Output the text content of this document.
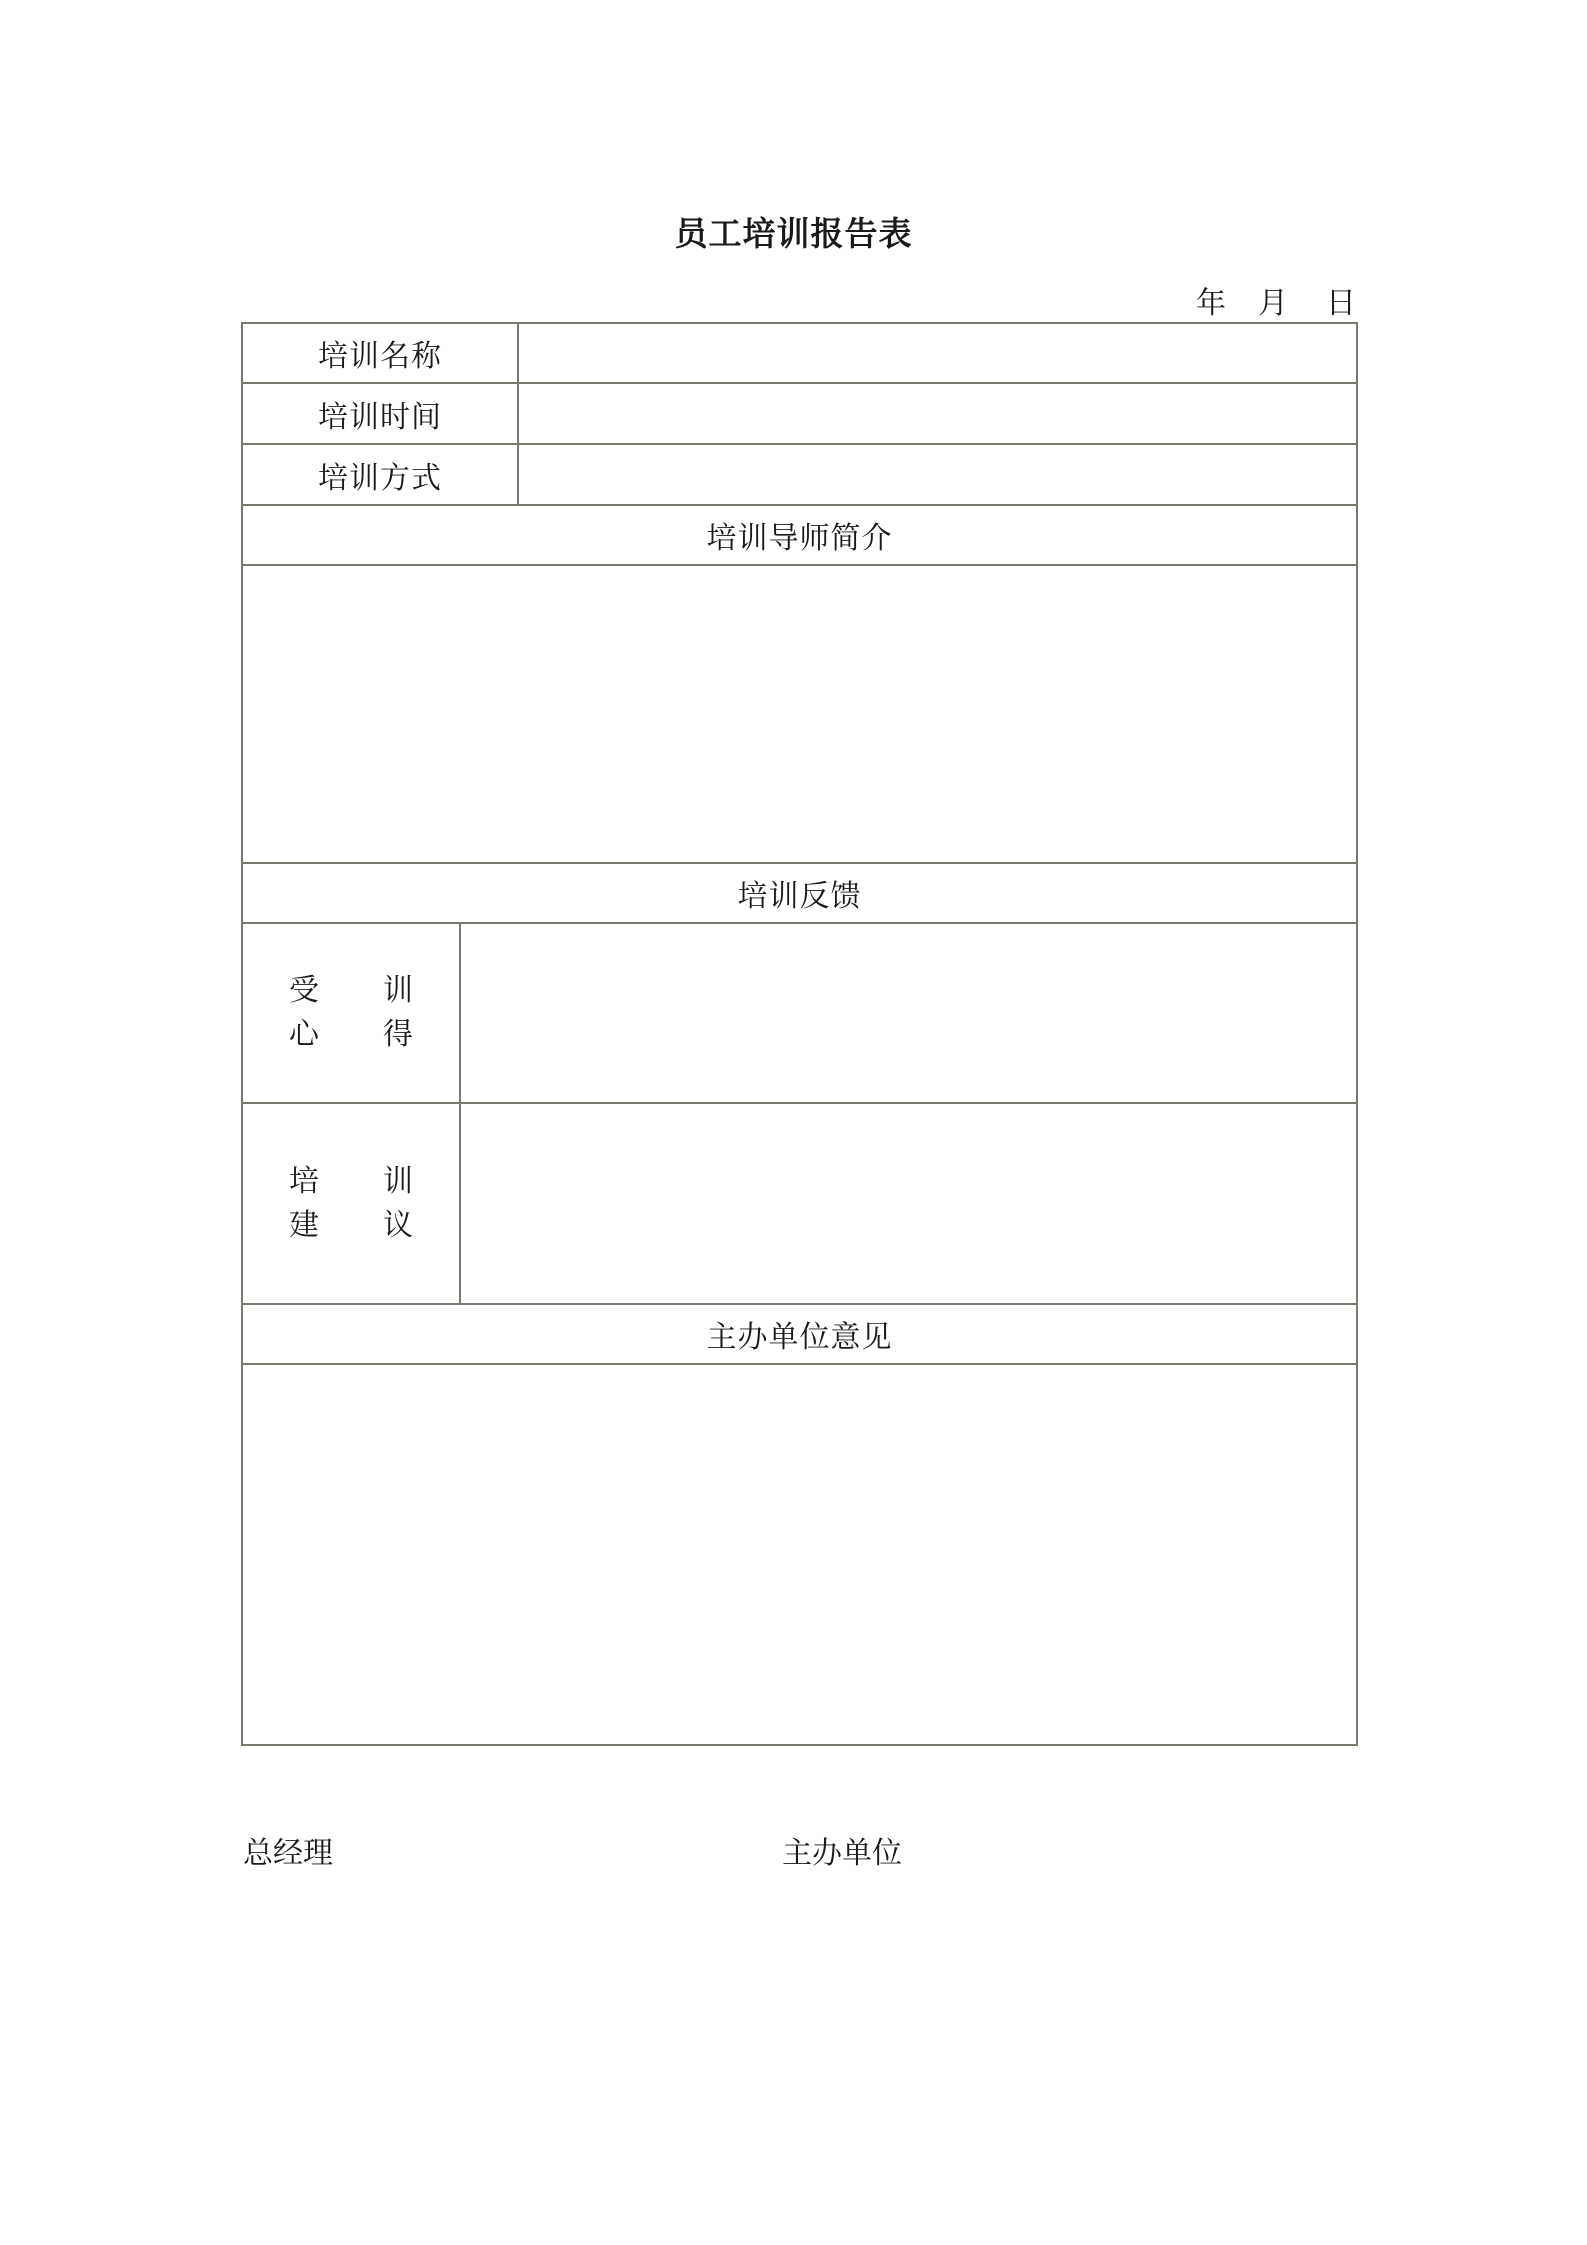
员工培训报告表
年 月 日
培训名称		
培训时间		
培训方式		
培训导师简介		

培训反馈		

受 训
心 得		

培 训
建 议		

主办单位意见		

总经理	主办单位
